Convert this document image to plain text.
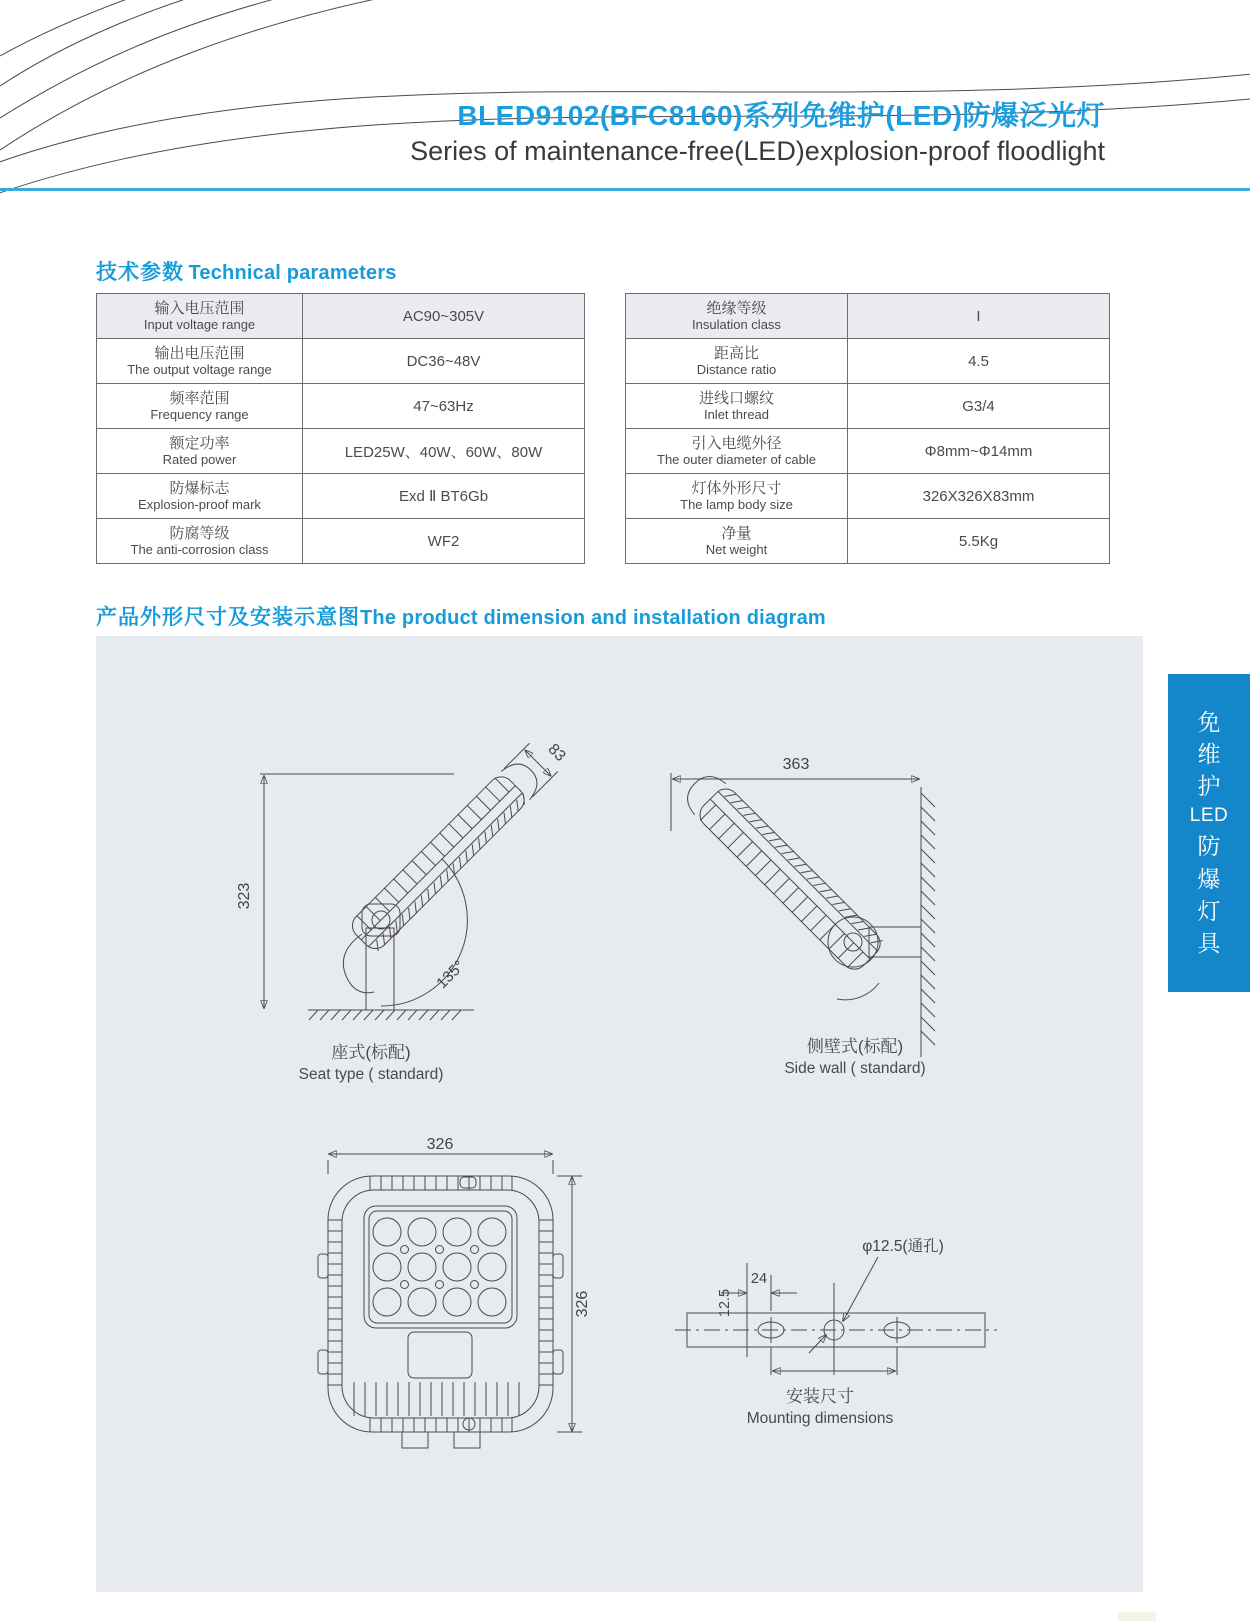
BLED9102(BFC8160)系列免维护(LED)防爆泛光灯
Series of maintenance-free(LED)explosion-proof floodlight
技术参数 Technical parameters
输入电压范围
Input voltage range	AC90~305V
输出电压范围
The output voltage range	DC36~48V
频率范围
Frequency range	47~63Hz
额定功率
Rated power	LED25W、40W、60W、80W
防爆标志
Explosion-proof mark	Exd Ⅱ BT6Gb
防腐等级
The anti-corrosion class	WF2
绝缘等级
Insulation class	I
距高比
Distance ratio	4.5
进线口螺纹
Inlet thread	G3/4
引入电缆外径
The outer diameter of cable	Φ8mm~Φ14mm
灯体外形尺寸
The lamp body size	326X326X83mm
净量
Net weight	5.5Kg
产品外形尺寸及安装示意图The product dimension and installation diagram
323
83
135°
座式(标配)
Seat type ( standard)
363
侧壁式(标配)
Side wall ( standard)
326
326
φ12.5(通孔)
12.5
24
安装尺寸
Mounting dimensions
免
维
护
LED
防
爆
灯
具
